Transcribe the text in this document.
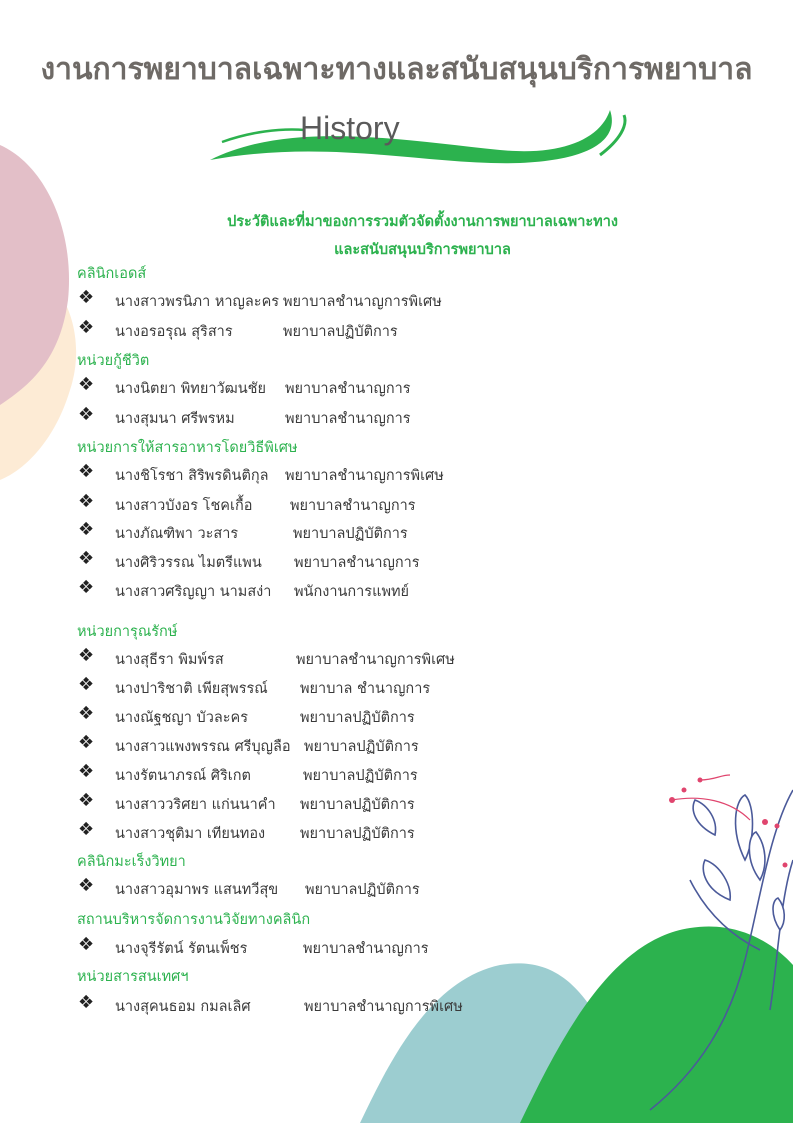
งานการพยาบาลเฉพาะทางและสนับสนุนบริการพยาบาล
History
ประวัติและที่มาของการรวมตัวจัดตั้งงานการพยาบาลเฉพาะทาง
และสนับสนุนบริการพยาบาล
คลินิกเอดส์
❖ นางสาวพรนิภา หาญละคร พยาบาลชำนาญการพิเศษ
❖ นางอรอรุณ สุริสาร	พยาบาลปฏิบัติการ
หน่วยกู้ชีวิต
❖ นางนิตยา พิทยาวัฒนชัย พยาบาลชำนาญการ
❖ นางสุมนา ศรีพรหม	พยาบาลชำนาญการ
หน่วยการให้สารอาหารโดยวิธีพิเศษ
❖ นางชิโรชา สิริพรดินติกุล พยาบาลชำนาญการพิเศษ
❖ นางสาวบังอร โชคเกื้อ	พยาบาลชำนาญการ
❖ นางภัณฑิพา วะสาร	พยาบาลปฏิบัติการ
❖ นางศิริวรรณ ไมตรีแพน พยาบาลชำนาญการ
❖ นางสาวศริญญา นามสง่า พนักงานการแพทย์
หน่วยการุณรักษ์
❖ นางสุธีรา พิมพ์รส	พยาบาลชำนาญการพิเศษ
❖ นางปาริชาติ เพียสุพรรณ์ พยาบาล ชำนาญการ
❖ นางณัฐชญา บัวละคร	พยาบาลปฏิบัติการ
❖ นางสาวแพงพรรณ ศรีบุญลือ พยาบาลปฏิบัติการ
❖ นางรัตนาภรณ์ ศิริเกต	พยาบาลปฏิบัติการ
❖ นางสาววริศยา แก่นนาคำ พยาบาลปฏิบัติการ
❖ นางสาวชุติมา เทียนทอง พยาบาลปฏิบัติการ
คลินิกมะเร็งวิทยา
❖ นางสาวอุมาพร แสนทวีสุข พยาบาลปฏิบัติการ
สถานบริหารจัดการงานวิจัยทางคลินิก
❖ นางจุรีรัตน์ รัตนเพ็ชร	พยาบาลชำนาญการ
หน่วยสารสนเทศฯ
❖ นางสุคนธอม กมลเลิศ	พยาบาลชำนาญการพิเศษ
